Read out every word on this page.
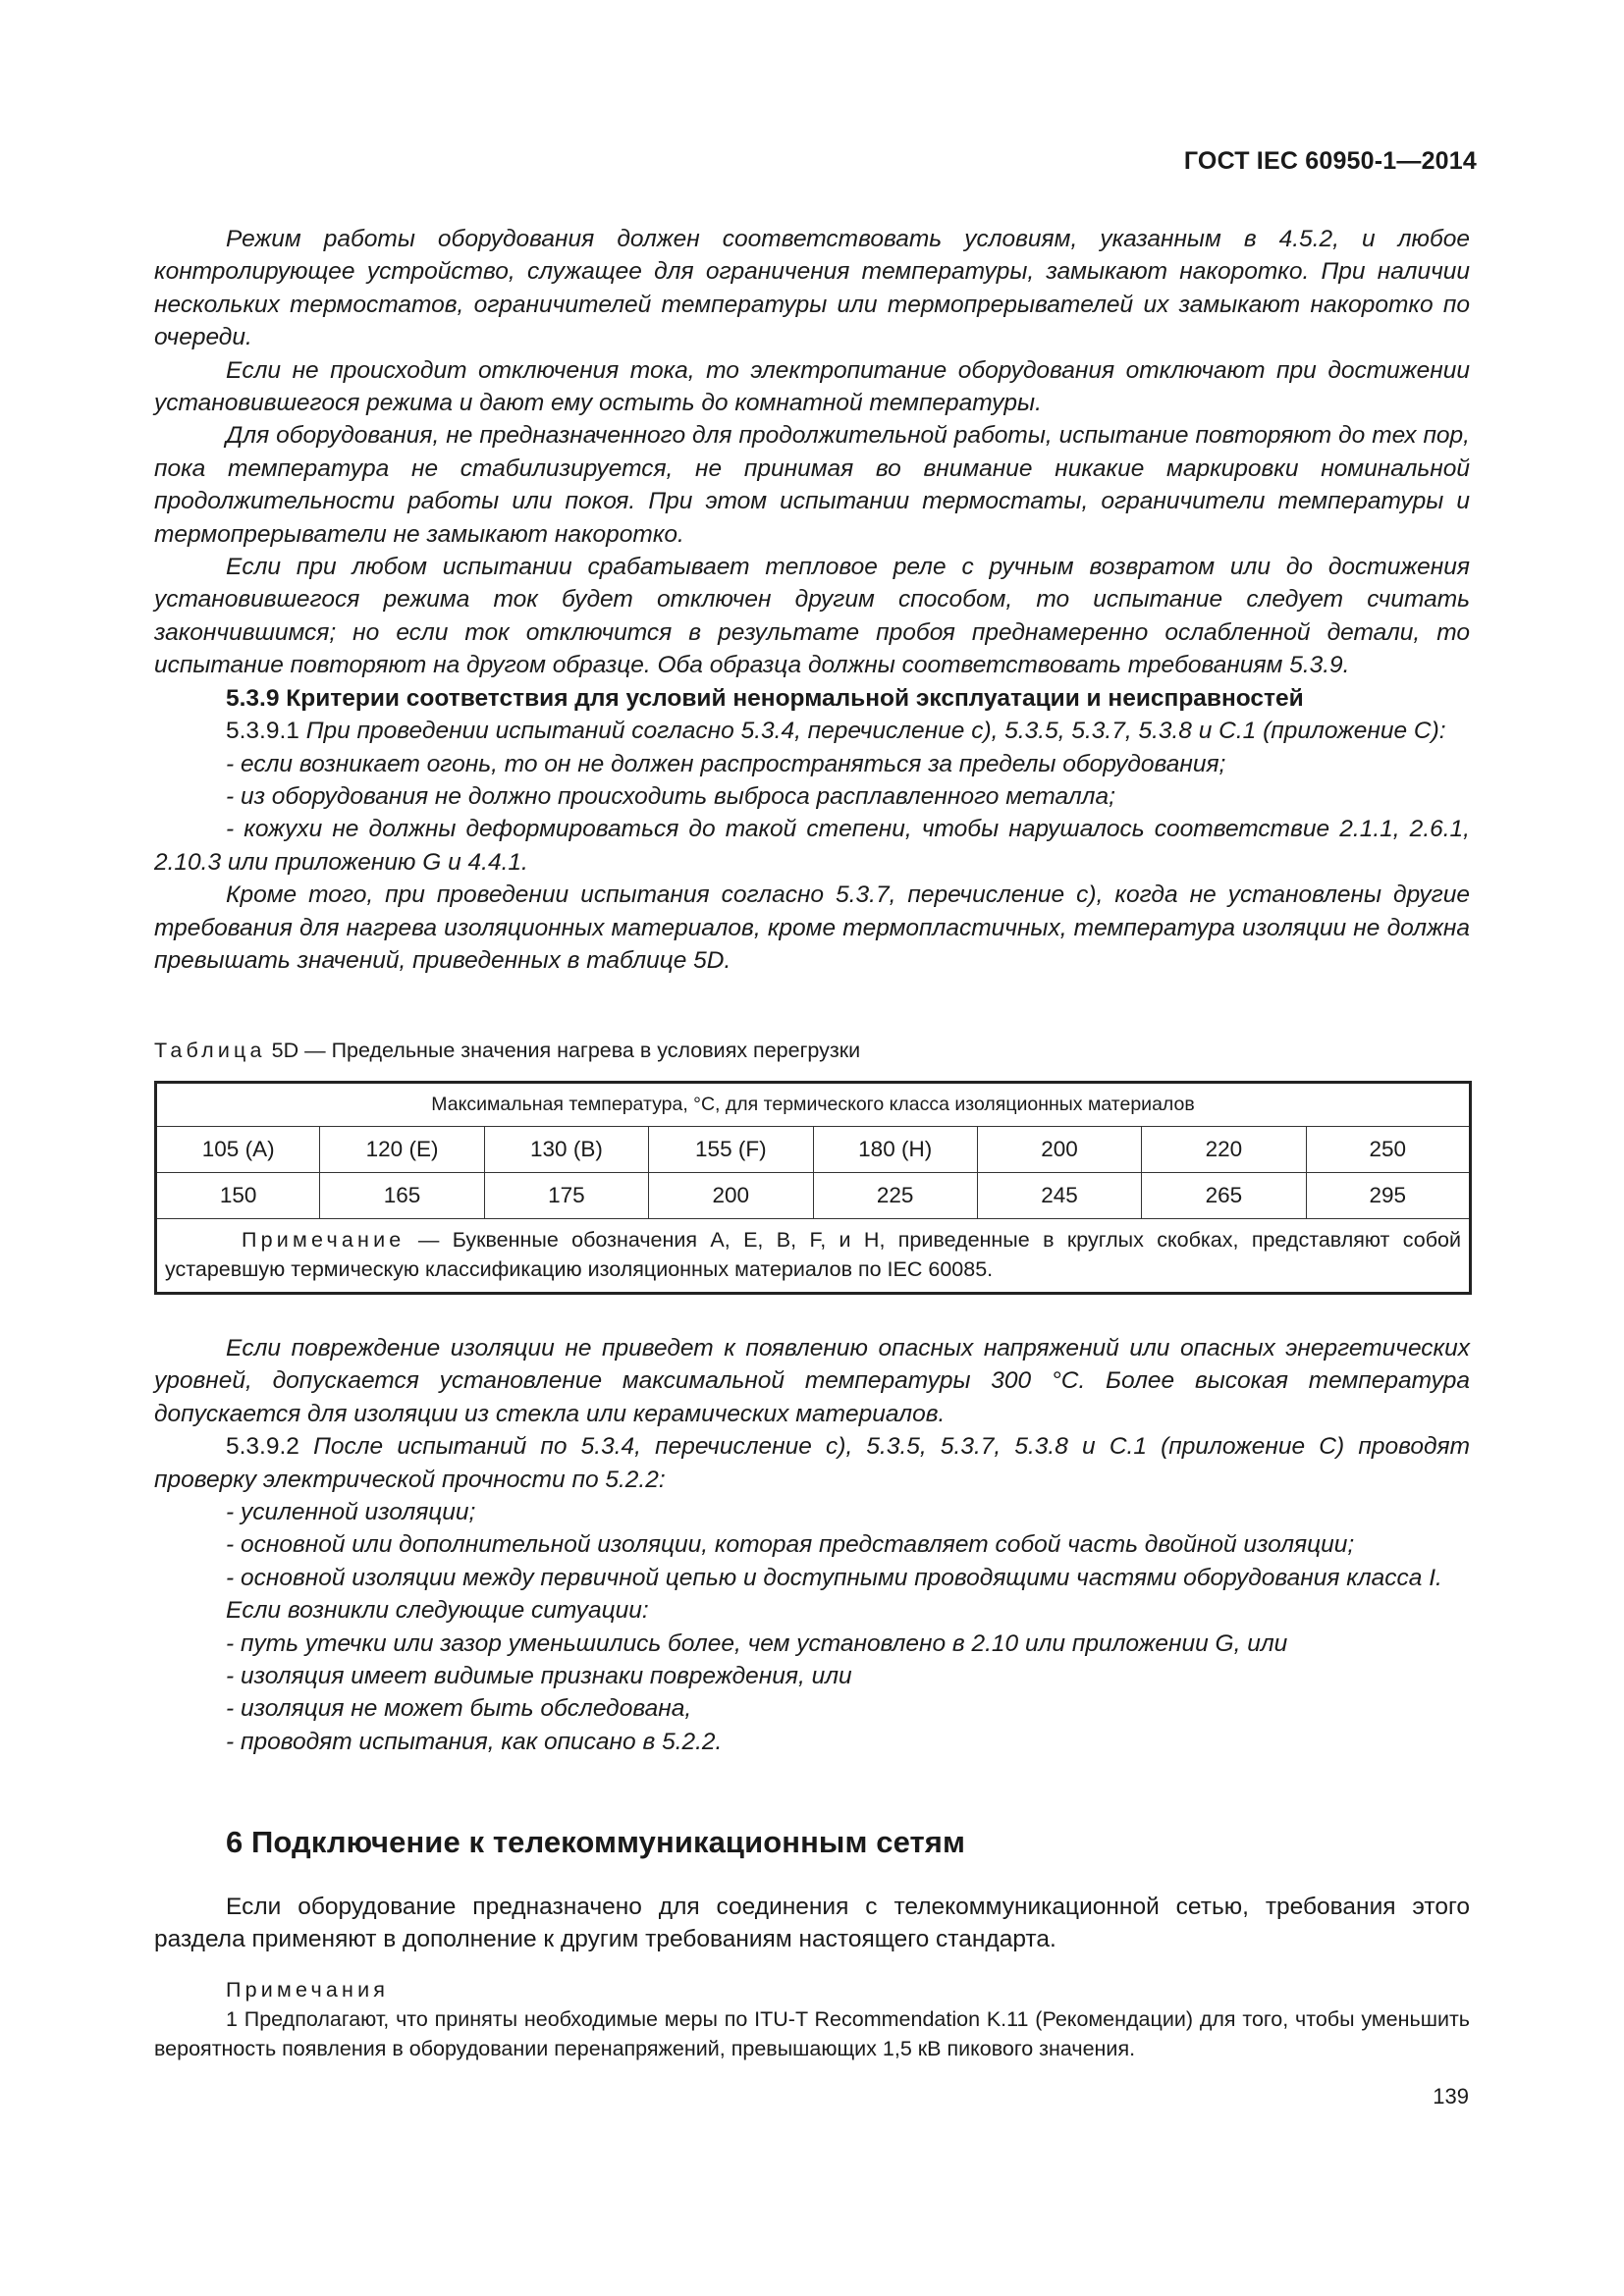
ГОСТ IEC 60950-1—2014

Режим работы оборудования должен соответствовать условиям, указанным в 4.5.2, и любое контролирующее устройство, служащее для ограничения температуры, замыкают накоротко. При наличии нескольких термостатов, ограничителей температуры или термопрерывателей их замыкают накоротко по очереди.

Если не происходит отключения тока, то электропитание оборудования отключают при достижении установившегося режима и дают ему остыть до комнатной температуры.

Для оборудования, не предназначенного для продолжительной работы, испытание повторяют до тех пор, пока температура не стабилизируется, не принимая во внимание никакие маркировки номинальной продолжительности работы или покоя. При этом испытании термостаты, ограничители температуры и термопрерыватели не замыкают накоротко.

Если при любом испытании срабатывает тепловое реле с ручным возвратом или до достижения установившегося режима ток будет отключен другим способом, то испытание следует считать закончившимся; но если ток отключится в результате пробоя преднамеренно ослабленной детали, то испытание повторяют на другом образце. Оба образца должны соответствовать требованиям 5.3.9.

5.3.9 Критерии соответствия для условий ненормальной эксплуатации и неисправностей

5.3.9.1 При проведении испытаний согласно 5.3.4, перечисление с), 5.3.5, 5.3.7, 5.3.8 и С.1 (приложение С):

- если возникает огонь, то он не должен распространяться за пределы оборудования;

- из оборудования не должно происходить выброса расплавленного металла;

- кожухи не должны деформироваться до такой степени, чтобы нарушалось соответствие 2.1.1, 2.6.1, 2.10.3 или приложению G и 4.4.1.

Кроме того, при проведении испытания согласно 5.3.7, перечисление с), когда не установлены другие требования для нагрева изоляционных материалов, кроме термопластичных, температура изоляции не должна превышать значений, приведенных в таблице 5D.

Таблица 5D — Предельные значения нагрева в условиях перегрузки
Максимальная температура, °С, для термического класса изоляционных материалов							
105 (A)	120 (E)	130 (B)	155 (F)	180 (H)	200	220	250
150	165	175	200	225	245	265	295
Примечание — Буквенные обозначения А, Е, В, F, и Н, приведенные в круглых скобках, представляют собой устаревшую термическую классификацию изоляционных материалов по IEC 60085.							

Если повреждение изоляции не приведет к появлению опасных напряжений или опасных энергетических уровней, допускается установление максимальной температуры 300 °С. Более высокая температура допускается для изоляции из стекла или керамических материалов.

5.3.9.2 После испытаний по 5.3.4, перечисление с), 5.3.5, 5.3.7, 5.3.8 и С.1 (приложение С) проводят проверку электрической прочности по 5.2.2:

- усиленной изоляции;

- основной или дополнительной изоляции, которая представляет собой часть двойной изоляции;

- основной изоляции между первичной цепью и доступными проводящими частями оборудования класса I.

Если возникли следующие ситуации:

- путь утечки или зазор уменьшились более, чем установлено в 2.10 или приложении G, или

- изоляция имеет видимые признаки повреждения, или

- изоляция не может быть обследована,

- проводят испытания, как описано в 5.2.2.

6 Подключение к телекоммуникационным сетям

Если оборудование предназначено для соединения с телекоммуникационной сетью, требования этого раздела применяют в дополнение к другим требованиям настоящего стандарта.

Примечания

1 Предполагают, что приняты необходимые меры по ITU-T Recommendation K.11 (Рекомендации) для того, чтобы уменьшить вероятность появления в оборудовании перенапряжений, превышающих 1,5 кВ пикового значения.

139
